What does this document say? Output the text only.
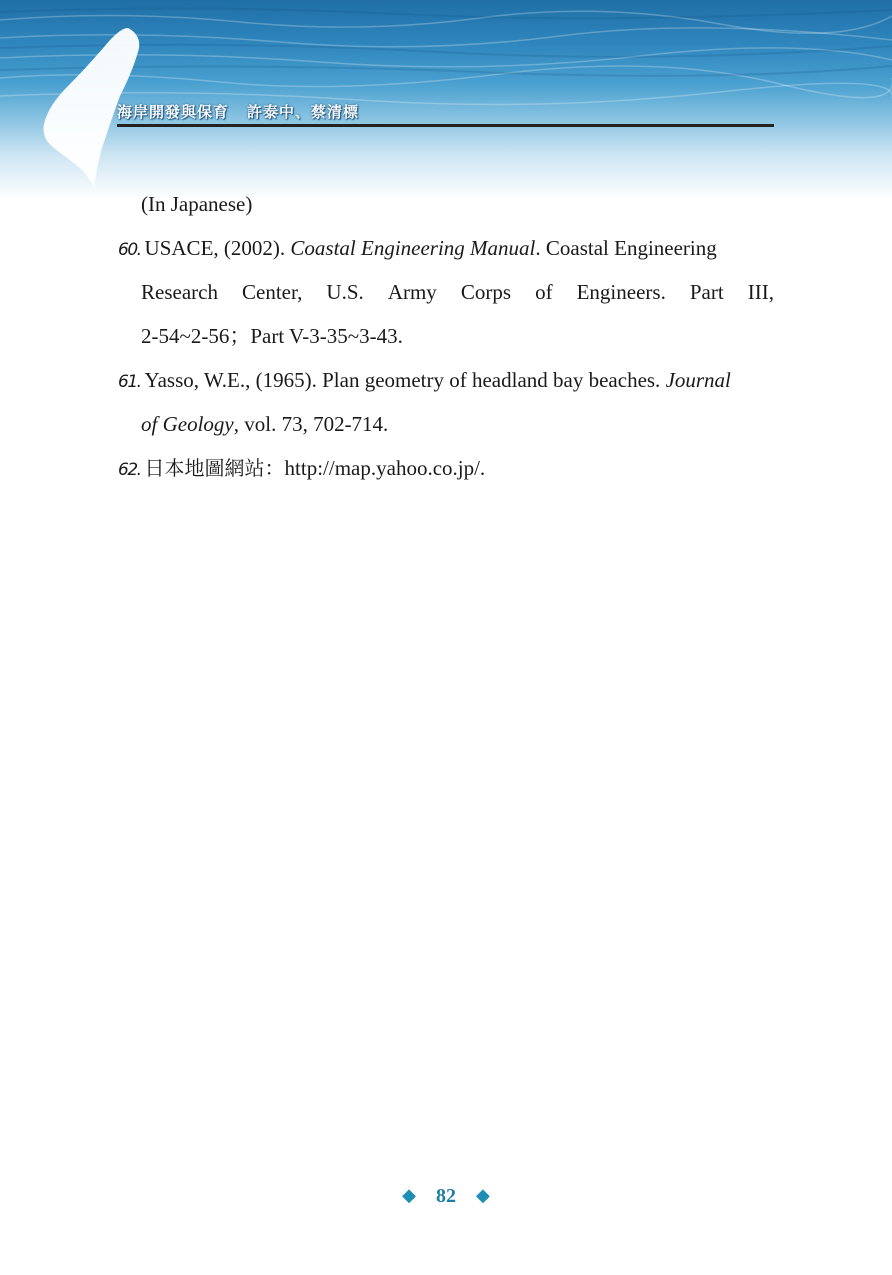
海岸開發與保育 許泰中、蔡清標
(In Japanese)
60. USACE, (2002). Coastal Engineering Manual. Coastal Engineering
Research Center, U.S. Army Corps of Engineers. Part III,
2-54~2-56；Part V-3-35~3-43.
61. Yasso, W.E., (1965). Plan geometry of headland bay beaches. Journal
of Geology, vol. 73, 702-714.
62. 日本地圖網站：http://map.yahoo.co.jp/.
◆ 82 ◆
